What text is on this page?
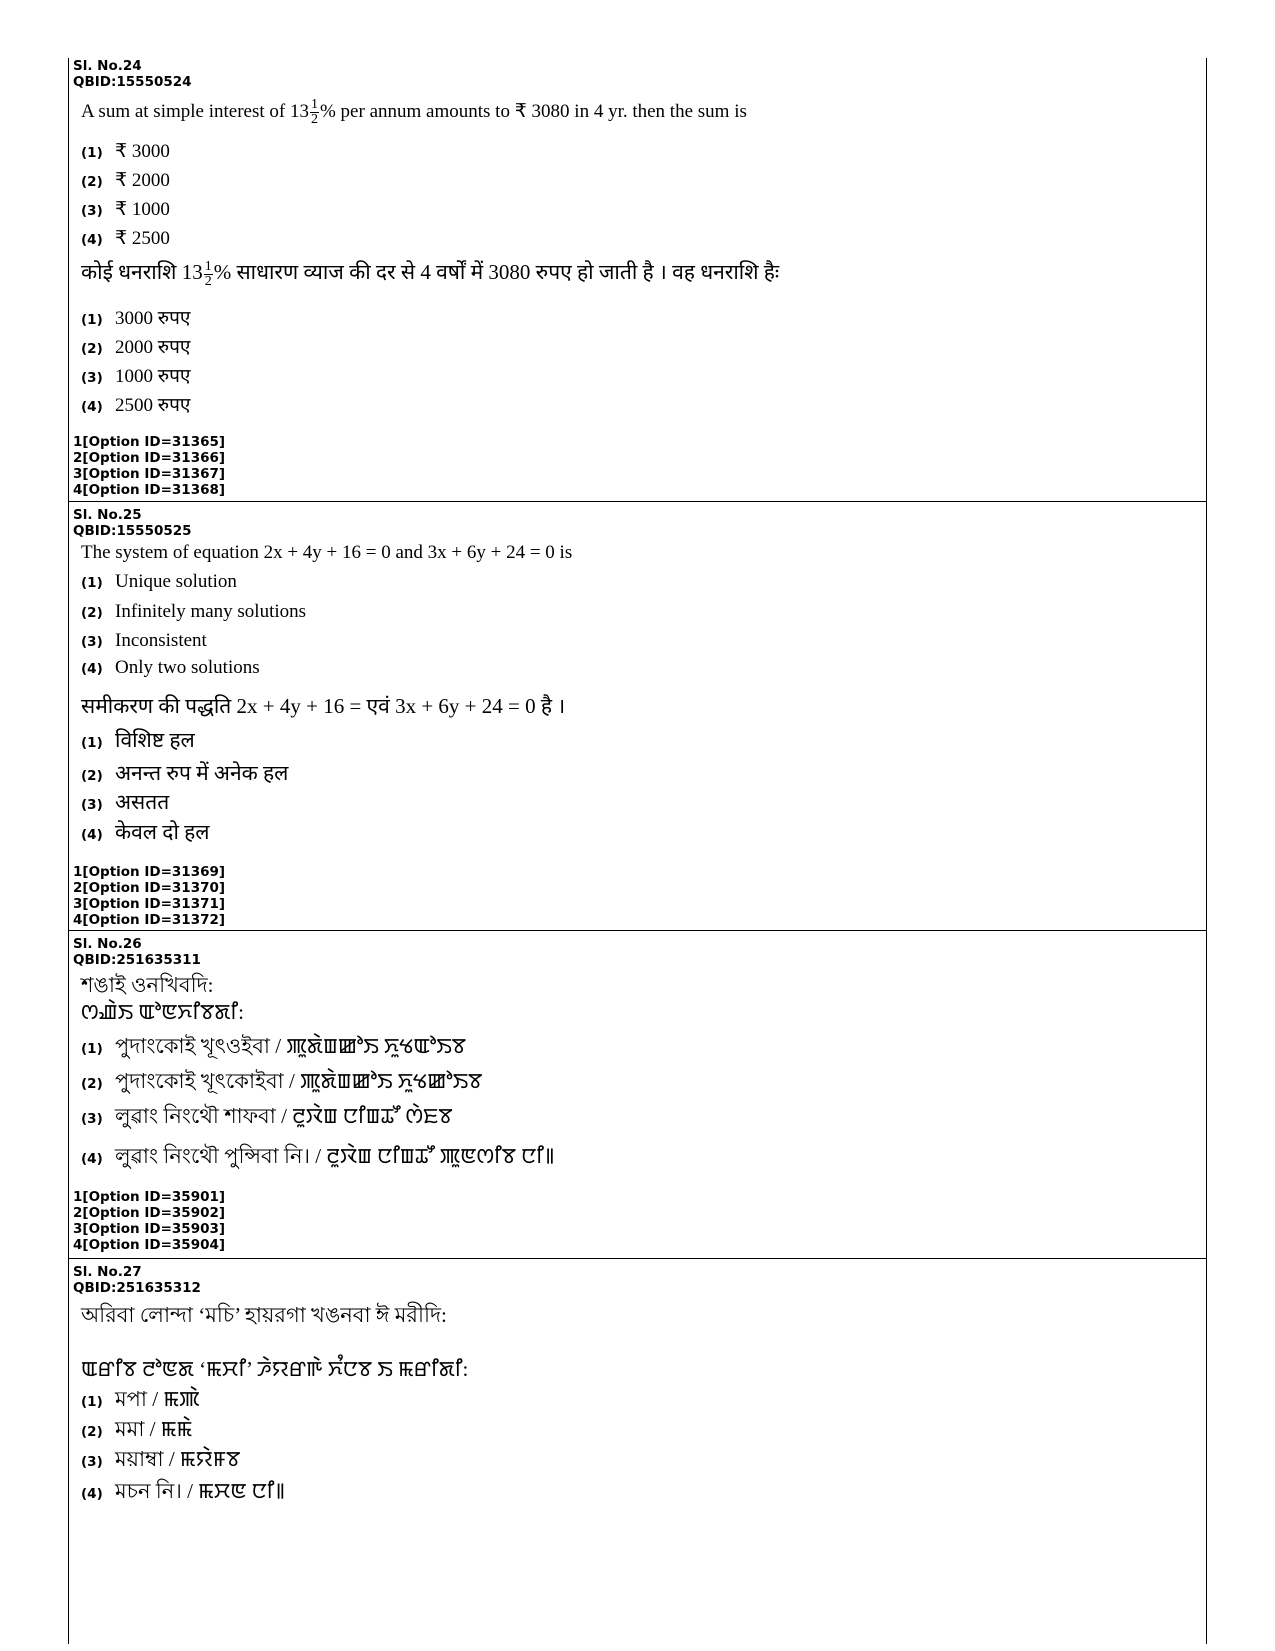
Sl. No.24
QBID:15550524
A sum at simple interest of $13 \frac{1}{2}$ % per annum amounts to ₹ 3080 in 4 yr. then the sum is
(1) ₹ 3000
(2) ₹ 2000
(3) ₹ 1000
(4) ₹ 2500
कोई धनराशि $13 \frac{1}{2}$ % साधारण व्याज की दर से 4 वर्षों में 3080 रुपए हो जाती है । वह धनराशि हैः
(1) 3000 रुपए
(2) 2000 रुपए
(3) 1000 रुपए
(4) 2500 रुपए
1[Option ID=31365]
2[Option ID=31366]
3[Option ID=31367]
4[Option ID=31368]
Sl. No.25
QBID:15550525
The system of equation 2x + 4y + 16 = 0 and 3x + 6y + 24 = 0 is
(1) Unique solution
(2) Infinitely many solutions
(3) Inconsistent
(4) Only two solutions
समीकरण की पद्धति 2x + 4y + 16 = एवं 3x + 6y + 24 = 0 है ।
(1) विशिष्ट हल
(2) अनन्त रुप में अनेक हल
(3) असतत
(4) केवल दो हल
1[Option ID=31369]
2[Option ID=31370]
3[Option ID=31371]
4[Option ID=31372]
Sl. No.26
QBID:251635311
শঙাই ওনখিবদি:
ꯁꯉꯥꯏ ꯑꯣꯟꯈꯤꯕꯗꯤ:
(1) পুদাংকোই খূৎওইবা / ꯄꯨꯗꯥꯡꯀꯣꯏ ꯈꯨꯠꯑꯣꯏꯕ
(2) পুদাংকোই খূৎকোইবা / ꯄꯨꯗꯥꯡꯀꯣꯏ ꯈꯨꯠꯀꯣꯏꯕ
(3) লুৱাং নিংথৌ শাফবা / ꯂꯨꯋꯥꯡ ꯅꯤꯡꯊꯧ ꯁꯥꯐꯕ
(4) লুৱাং নিংথৌ পুন্সিবা নি। / ꯂꯨꯋꯥꯡ ꯅꯤꯡꯊꯧ ꯄꯨꯟꯁꯤꯕ ꯅꯤ꯫
1[Option ID=35901]
2[Option ID=35902]
3[Option ID=35903]
4[Option ID=35904]
Sl. No.27
QBID:251635312
অরিবা লোন্দা ‘মচি’ হায়রগা খঙনবা ঈ মরীদি:
ꯑꯔꯤꯕ ꯂꯣꯟꯗ ‘ꯃꯆꯤ’ ꯍꯥꯌꯔꯒꯥ ꯈꯪꯅꯕ ꯏ ꯃꯔꯤꯗꯤ:
(1) মপা / ꯃꯄꯥ
(2) মমা / ꯃꯃꯥ
(3) ময়াম্বা / ꯃꯌꯥꯝꯕ
(4) মচন নি। / ꯃꯆꯟ ꯅꯤ꯫
